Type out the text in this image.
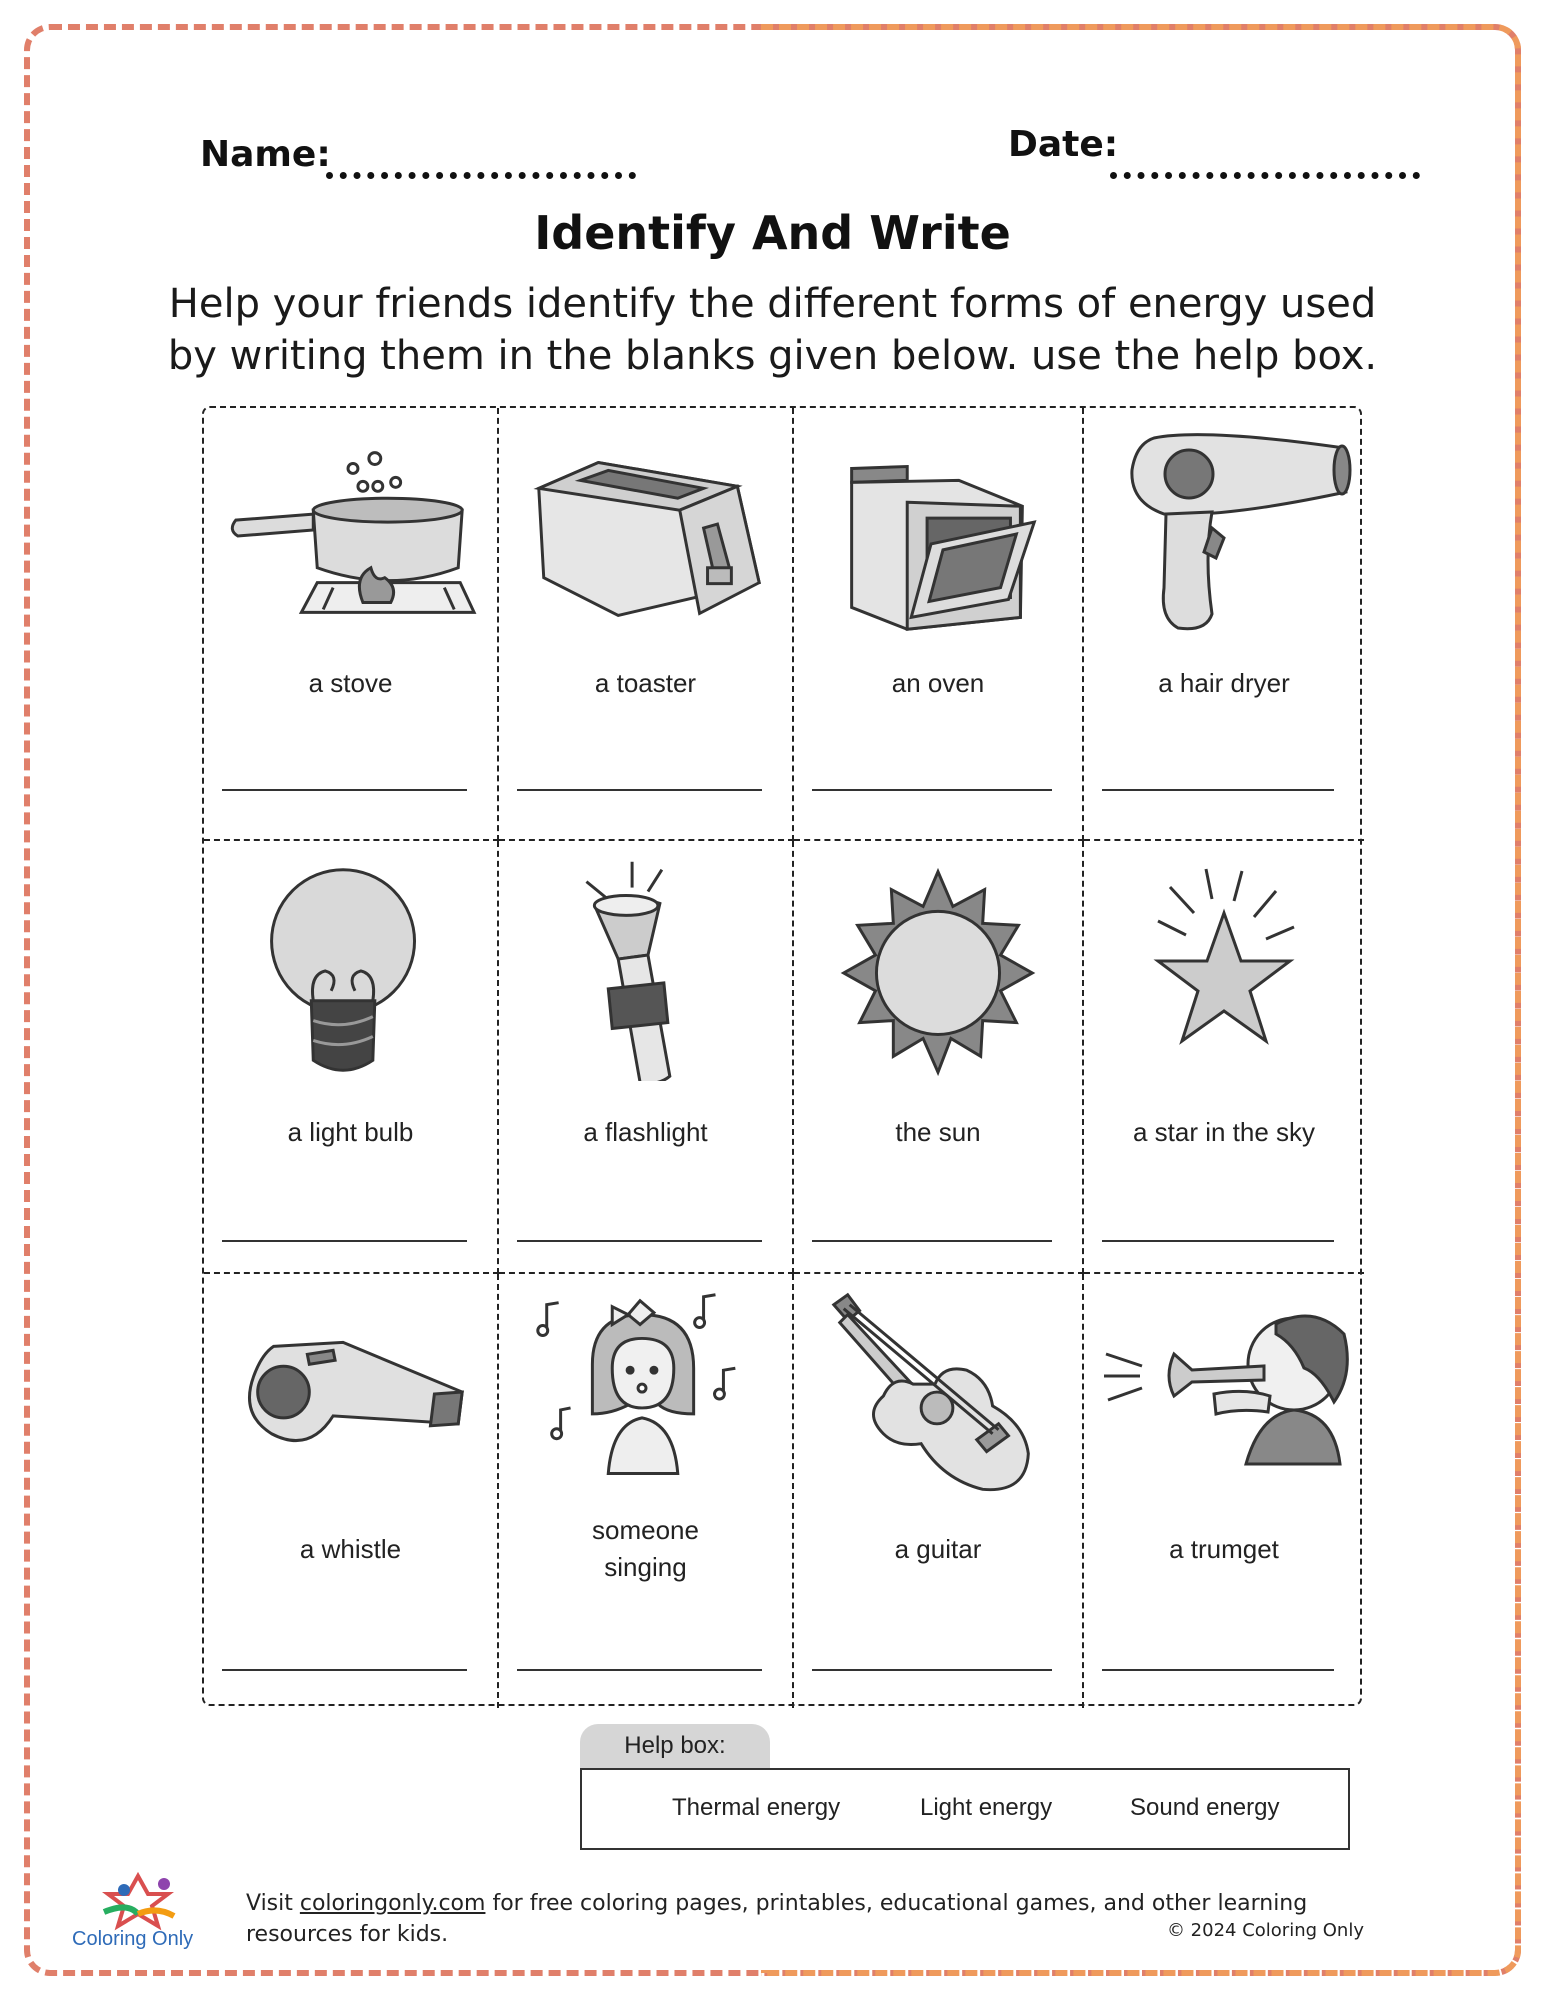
Name:	Date:
Identify And Write
Help your friends identify the different forms of energy used by writing them in the blanks given below. use the help box.
a stove	a toaster	an oven	a hair dryer
a light bulb	a flashlight	the sun	a star in the sky
a whistle
someone singing
a guitar	a trumget
Help box:
Thermal energy	Light energy	Sound energy
Coloring Only
Visit coloringonly.com for free coloring pages, printables, educational games, and other learning resources for kids.	© 2024 Coloring Only
